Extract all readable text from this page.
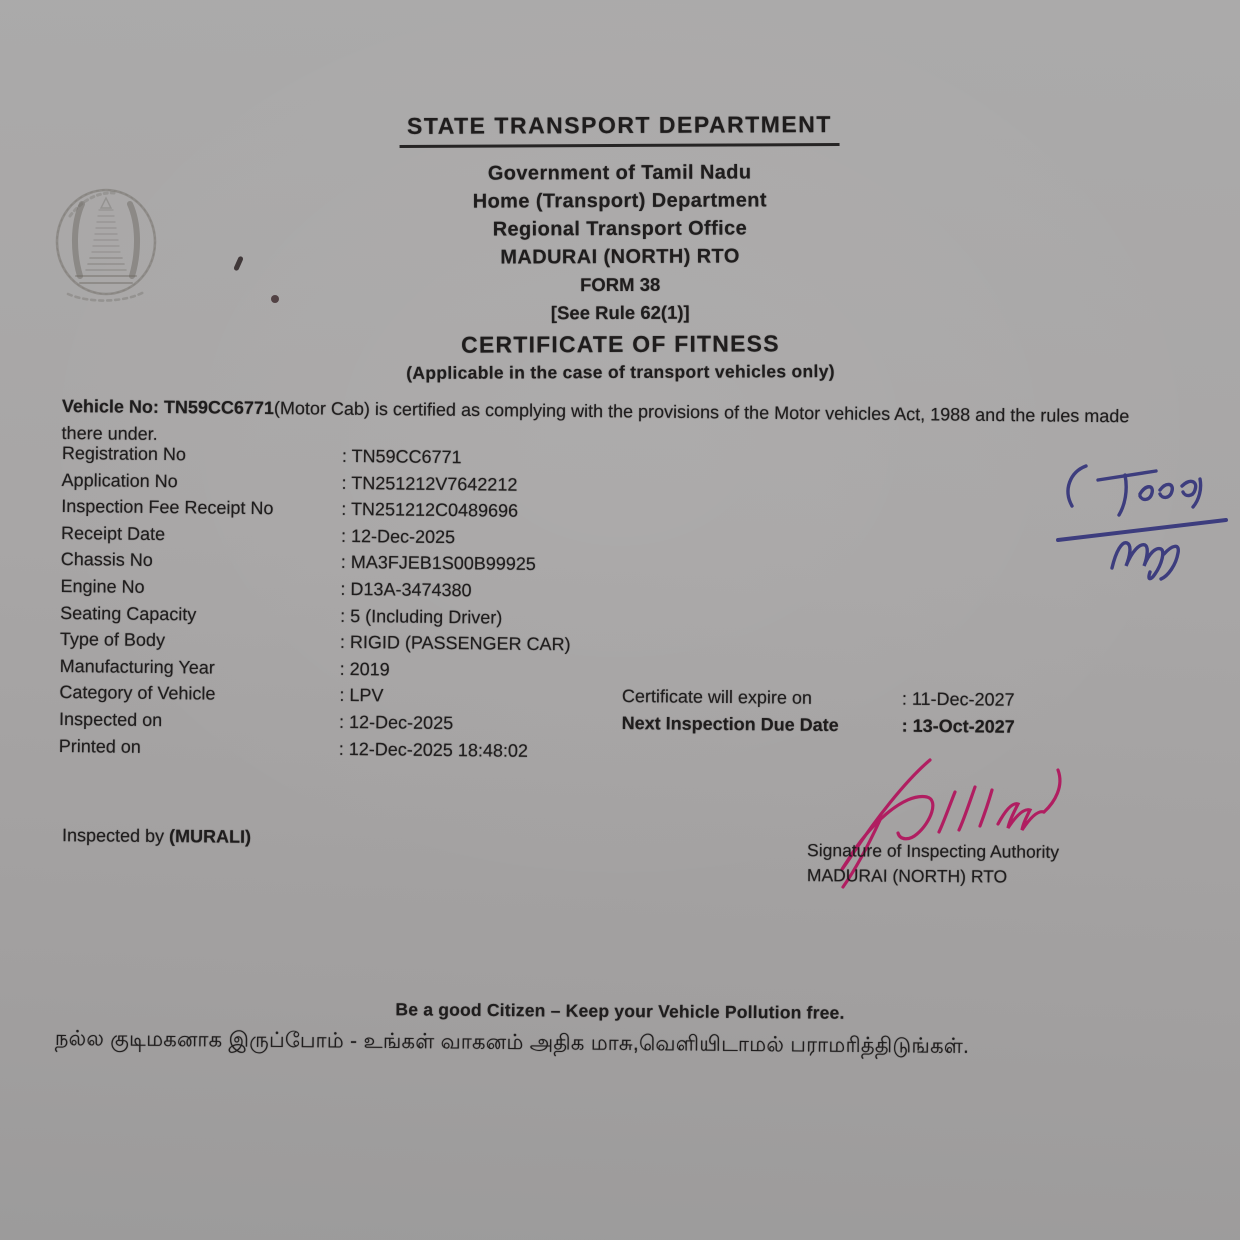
STATE TRANSPORT DEPARTMENT
Government of Tamil Nadu
Home (Transport) Department
Regional Transport Office
MADURAI (NORTH) RTO
FORM 38
[See Rule 62(1)]
CERTIFICATE OF FITNESS
(Applicable in the case of transport vehicles only)
Vehicle No: TN59CC6771(Motor Cab) is certified as complying with the provisions of the Motor vehicles Act, 1988 and the rules made there under.
Registration No	: TN59CC6771
Application No	: TN251212V7642212
Inspection Fee Receipt No	: TN251212C0489696
Receipt Date	: 12-Dec-2025
Chassis No	: MA3FJEB1S00B99925
Engine No	: D13A-3474380
Seating Capacity	: 5 (Including Driver)
Type of Body	: RIGID (PASSENGER CAR)
Manufacturing Year	: 2019
Category of Vehicle	: LPV
Inspected on	: 12-Dec-2025
Printed on	: 12-Dec-2025 18:48:02
Certificate will expire on	: 11-Dec-2027
Next Inspection Due Date	: 13-Oct-2027
Inspected by (MURALI)
Signature of Inspecting Authority
MADURAI (NORTH) RTO
Be a good Citizen – Keep your Vehicle Pollution free.
நல்ல குடிமகனாக இருப்போம் - உங்கள் வாகனம் அதிக மாசு,வெளியிடாமல் பராமரித்திடுங்கள்.
